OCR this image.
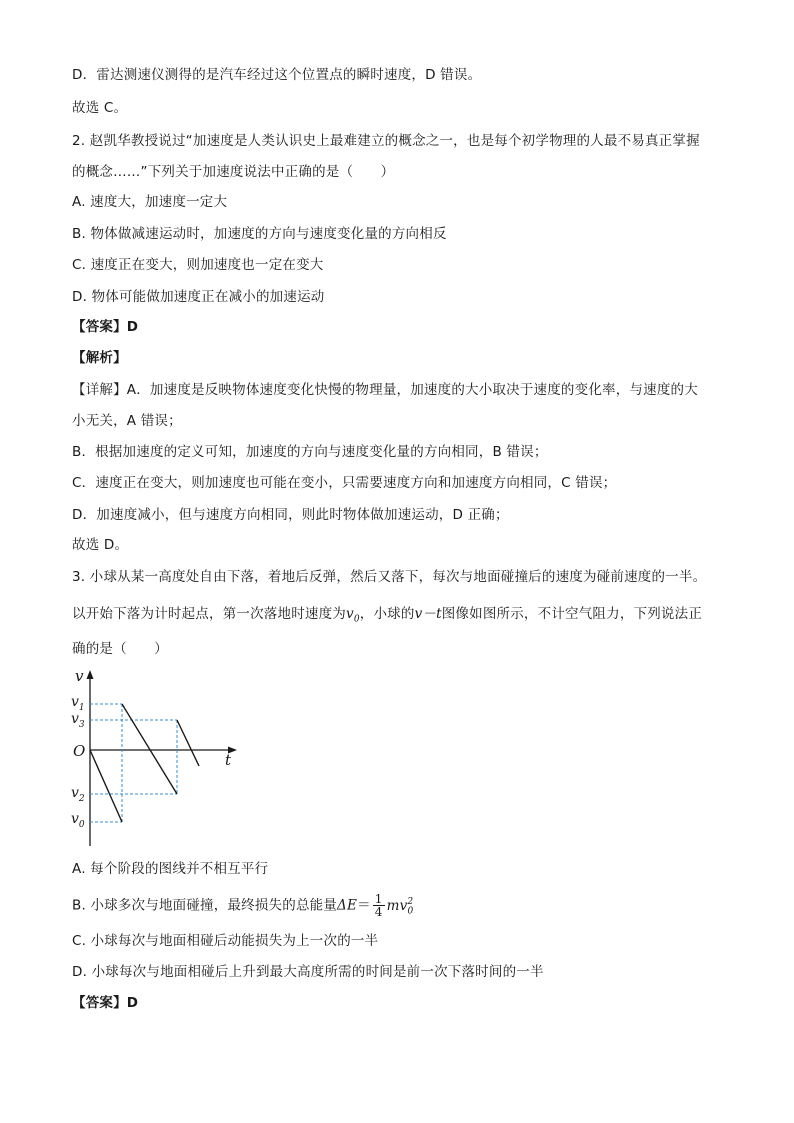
D．雷达测速仪测得的是汽车经过这个位置点的瞬时速度，D 错误。
故选 C。
2. 赵凯华教授说过“加速度是人类认识史上最难建立的概念之一，也是每个初学物理的人最不易真正掌握
的概念……”下列关于加速度说法中正确的是（　　）
A. 速度大，加速度一定大
B. 物体做减速运动时，加速度的方向与速度变化量的方向相反
C. 速度正在变大，则加速度也一定在变大
D. 物体可能做加速度正在减小的加速运动
【答案】D
【解析】
【详解】A．加速度是反映物体速度变化快慢的物理量，加速度的大小取决于速度的变化率，与速度的大
小无关，A 错误；
B．根据加速度的定义可知，加速度的方向与速度变化量的方向相同，B 错误；
C．速度正在变大，则加速度也可能在变小，只需要速度方向和加速度方向相同，C 错误；
D．加速度减小，但与速度方向相同，则此时物体做加速运动，D 正确；
故选 D。
3. 小球从某一高度处自由下落，着地后反弹，然后又落下，每次与地面碰撞后的速度为碰前速度的一半。
以开始下落为计时起点，第一次落地时速度为$v_0$，小球的v－t图像如图所示，不计空气阻力，下列说法正
确的是（　　）
v
t
O
$v_1$
$v_3$
$v_2$
$v_0$
A. 每个阶段的图线并不相互平行
B. 小球多次与地面碰撞，最终损失的总能量$\Delta E= \frac{1}{4} mv_0^2$
C. 小球每次与地面相碰后动能损失为上一次的一半
D. 小球每次与地面相碰后上升到最大高度所需的时间是前一次下落时间的一半
【答案】D
